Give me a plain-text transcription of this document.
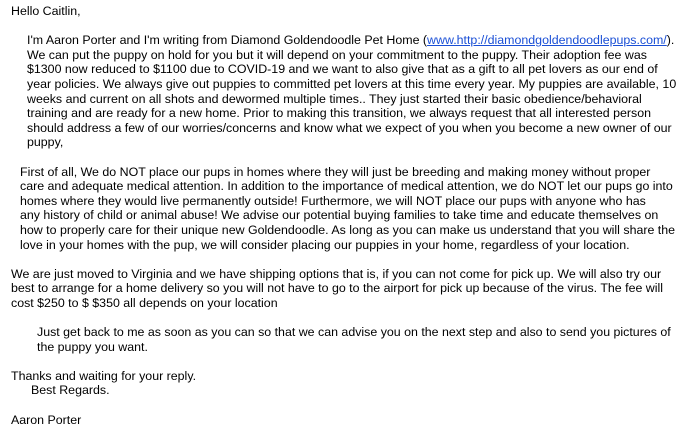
Hello Caitlin,

I'm Aaron Porter and I'm writing from Diamond Goldendoodle Pet Home (www.http://diamondgoldendoodlepups.com/). We can put the puppy on hold for you but it will depend on your commitment to the puppy. Their adoption fee was $1300 now reduced to $1100 due to COVID-19 and we want to also give that as a gift to all pet lovers as our end of year policies. We always give out puppies to committed pet lovers at this time every year. My puppies are available, 10 weeks and current on all shots and dewormed multiple times.. They just started their basic obedience/behavioral training and are ready for a new home. Prior to making this transition, we always request that all interested person should address a few of our worries/concerns and know what we expect of you when you become a new owner of our puppy,

First of all, We do NOT place our pups in homes where they will just be breeding and making money without proper care and adequate medical attention. In addition to the importance of medical attention, we do NOT let our pups go into homes where they would live permanently outside! Furthermore, we will NOT place our pups with anyone who has
any history of child or animal abuse! We advise our potential buying families to take time and educate themselves on how to properly care for their unique new Goldendoodle. As long as you can make us understand that you will share the love in your homes with the pup, we will consider placing our puppies in your home, regardless of your location.

We are just moved to Virginia and we have shipping options that is, if you can not come for pick up. We will also try our best to arrange for a home delivery so you will not have to go to the airport for pick up because of the virus. The fee will cost $250 to $ $350 all depends on your location

Just get back to me as soon as you can so that we can advise you on the next step and also to send you pictures of the puppy you want.

Thanks and waiting for your reply.

Best Regards.

Aaron Porter
